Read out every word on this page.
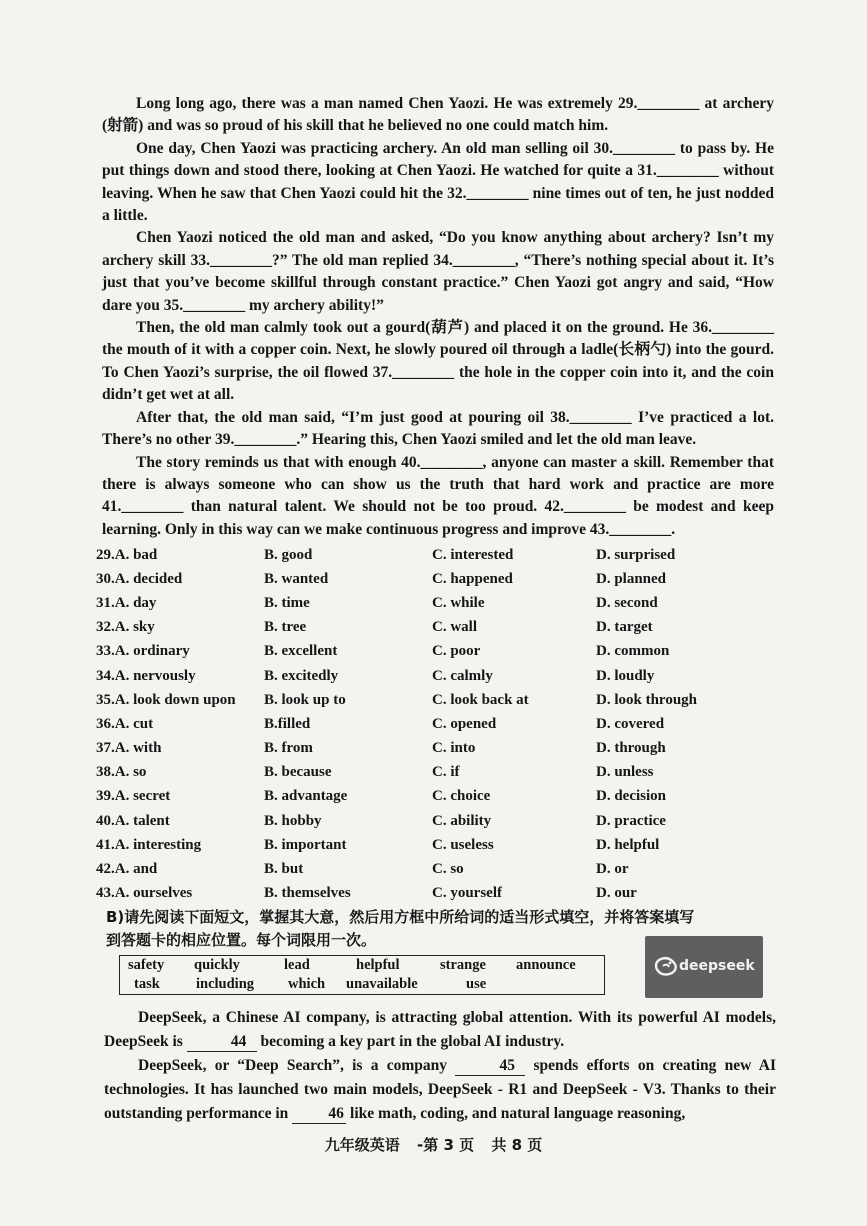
Long long ago, there was a man named Chen Yaozi. He was extremely 29.________ at archery (射箭) and was so proud of his skill that he believed no one could match him.

One day, Chen Yaozi was practicing archery. An old man selling oil 30.________ to pass by. He put things down and stood there, looking at Chen Yaozi. He watched for quite a 31.________ without leaving. When he saw that Chen Yaozi could hit the 32.________ nine times out of ten, he just nodded a little.

Chen Yaozi noticed the old man and asked, “Do you know anything about archery? Isn’t my archery skill 33.________?” The old man replied 34.________, “There’s nothing special about it. It’s just that you’ve become skillful through constant practice.” Chen Yaozi got angry and said, “How dare you 35.________ my archery ability!”

Then, the old man calmly took out a gourd(葫芦) and placed it on the ground. He 36.________ the mouth of it with a copper coin. Next, he slowly poured oil through a ladle(长柄勺) into the gourd. To Chen Yaozi’s surprise, the oil flowed 37.________ the hole in the copper coin into it, and the coin didn’t get wet at all.

After that, the old man said, “I’m just good at pouring oil 38.________ I’ve practiced a lot. There’s no other 39.________.” Hearing this, Chen Yaozi smiled and let the old man leave.

The story reminds us that with enough 40.________, anyone can master a skill. Remember that there is always someone who can show us the truth that hard work and practice are more 41.________ than natural talent. We should not be too proud. 42.________ be modest and keep learning. Only in this way can we make continuous progress and improve 43.________.

29.A. bad	B. good	C. interested	D. surprised
30.A. decided	B. wanted	C. happened	D. planned
31.A. day	B. time	C. while	D. second
32.A. sky	B. tree	C. wall	D. target
33.A. ordinary	B. excellent	C. poor	D. common
34.A. nervously	B. excitedly	C. calmly	D. loudly
35.A. look down upon	B. look up to	C. look back at	D. look through
36.A. cut	B.filled	C. opened	D. covered
37.A. with	B. from	C. into	D. through
38.A. so	B. because	C. if	D. unless
39.A. secret	B. advantage	C. choice	D. decision
40.A. talent	B. hobby	C. ability	D. practice
41.A. interesting	B. important	C. useless	D. helpful
42.A. and	B. but	C. so	D. or
43.A. ourselves	B. themselves	C. yourself	D. our
B)请先阅读下面短文，掌握其大意，然后用方框中所给词的适当形式填空，并将答案填写
到答题卡的相应位置。每个词限用一次。
safety	quickly	lead	helpful	strange	announce
task	including	which	unavailable	use
deepseek

DeepSeek, a Chinese AI company, is attracting global attention. With its powerful AI models, DeepSeek is	44 becoming a key part in the global AI industry.

DeepSeek, or “Deep Search”, is a company	45 spends efforts on creating new AI technologies. It has launched two main models, DeepSeek - R1 and DeepSeek - V3. Thanks to their outstanding performance in 46 like math, coding, and natural language reasoning,

九年级英语 -第 3 页 共 8 页
